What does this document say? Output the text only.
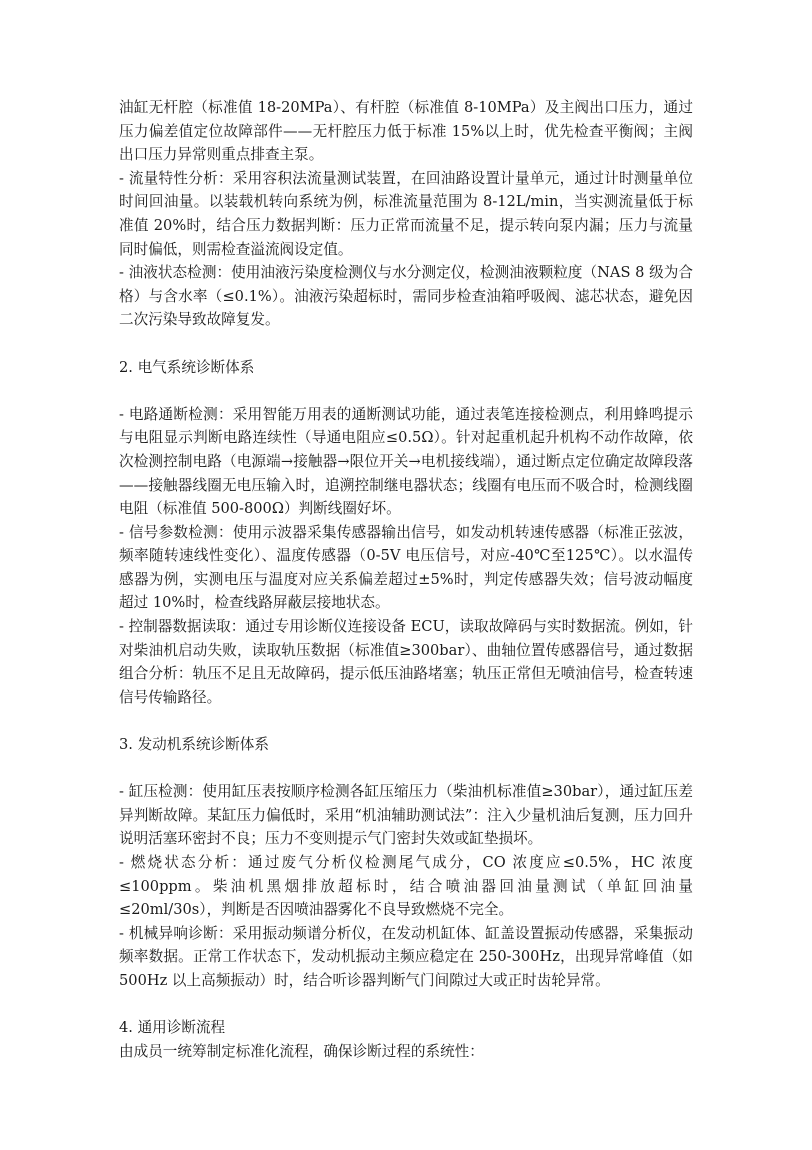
油缸无杆腔（标准值 18-20MPa）、有杆腔（标准值 8-10MPa）及主阀出口压力，通过压力偏差值定位故障部件——无杆腔压力低于标准 15%以上时，优先检查平衡阀；主阀出口压力异常则重点排查主泵。

- 流量特性分析：采用容积法流量测试装置，在回油路设置计量单元，通过计时测量单位时间回油量。以装载机转向系统为例，标准流量范围为 8-12L/min，当实测流量低于标准值 20%时，结合压力数据判断：压力正常而流量不足，提示转向泵内漏；压力与流量同时偏低，则需检查溢流阀设定值。

- 油液状态检测：使用油液污染度检测仪与水分测定仪，检测油液颗粒度（NAS 8 级为合格）与含水率（≤0.1%）。油液污染超标时，需同步检查油箱呼吸阀、滤芯状态，避免因二次污染导致故障复发。

2. 电气系统诊断体系

- 电路通断检测：采用智能万用表的通断测试功能，通过表笔连接检测点，利用蜂鸣提示与电阻显示判断电路连续性（导通电阻应≤0.5Ω）。针对起重机起升机构不动作故障，依次检测控制电路（电源端→接触器→限位开关→电机接线端），通过断点定位确定故障段落——接触器线圈无电压输入时，追溯控制继电器状态；线圈有电压而不吸合时，检测线圈电阻（标准值 500-800Ω）判断线圈好坏。

- 信号参数检测：使用示波器采集传感器输出信号，如发动机转速传感器（标准正弦波，频率随转速线性变化）、温度传感器（0-5V 电压信号，对应-40℃至125℃）。以水温传感器为例，实测电压与温度对应关系偏差超过±5%时，判定传感器失效；信号波动幅度超过 10%时，检查线路屏蔽层接地状态。

- 控制器数据读取：通过专用诊断仪连接设备 ECU，读取故障码与实时数据流。例如，针对柴油机启动失败，读取轨压数据（标准值≥300bar）、曲轴位置传感器信号，通过数据组合分析：轨压不足且无故障码，提示低压油路堵塞；轨压正常但无喷油信号，检查转速信号传输路径。

3. 发动机系统诊断体系

- 缸压检测：使用缸压表按顺序检测各缸压缩压力（柴油机标准值≥30bar），通过缸压差异判断故障。某缸压力偏低时，采用“机油辅助测试法”：注入少量机油后复测，压力回升说明活塞环密封不良；压力不变则提示气门密封失效或缸垫损坏。

- 燃烧状态分析：通过废气分析仪检测尾气成分，CO 浓度应≤0.5%，HC 浓度≤100ppm。柴油机黑烟排放超标时，结合喷油器回油量测试（单缸回油量≤20ml/30s），判断是否因喷油器雾化不良导致燃烧不完全。

- 机械异响诊断：采用振动频谱分析仪，在发动机缸体、缸盖设置振动传感器，采集振动频率数据。正常工作状态下，发动机振动主频应稳定在 250-300Hz，出现异常峰值（如 500Hz 以上高频振动）时，结合听诊器判断气门间隙过大或正时齿轮异常。

4. 通用诊断流程

由成员一统筹制定标准化流程，确保诊断过程的系统性：
